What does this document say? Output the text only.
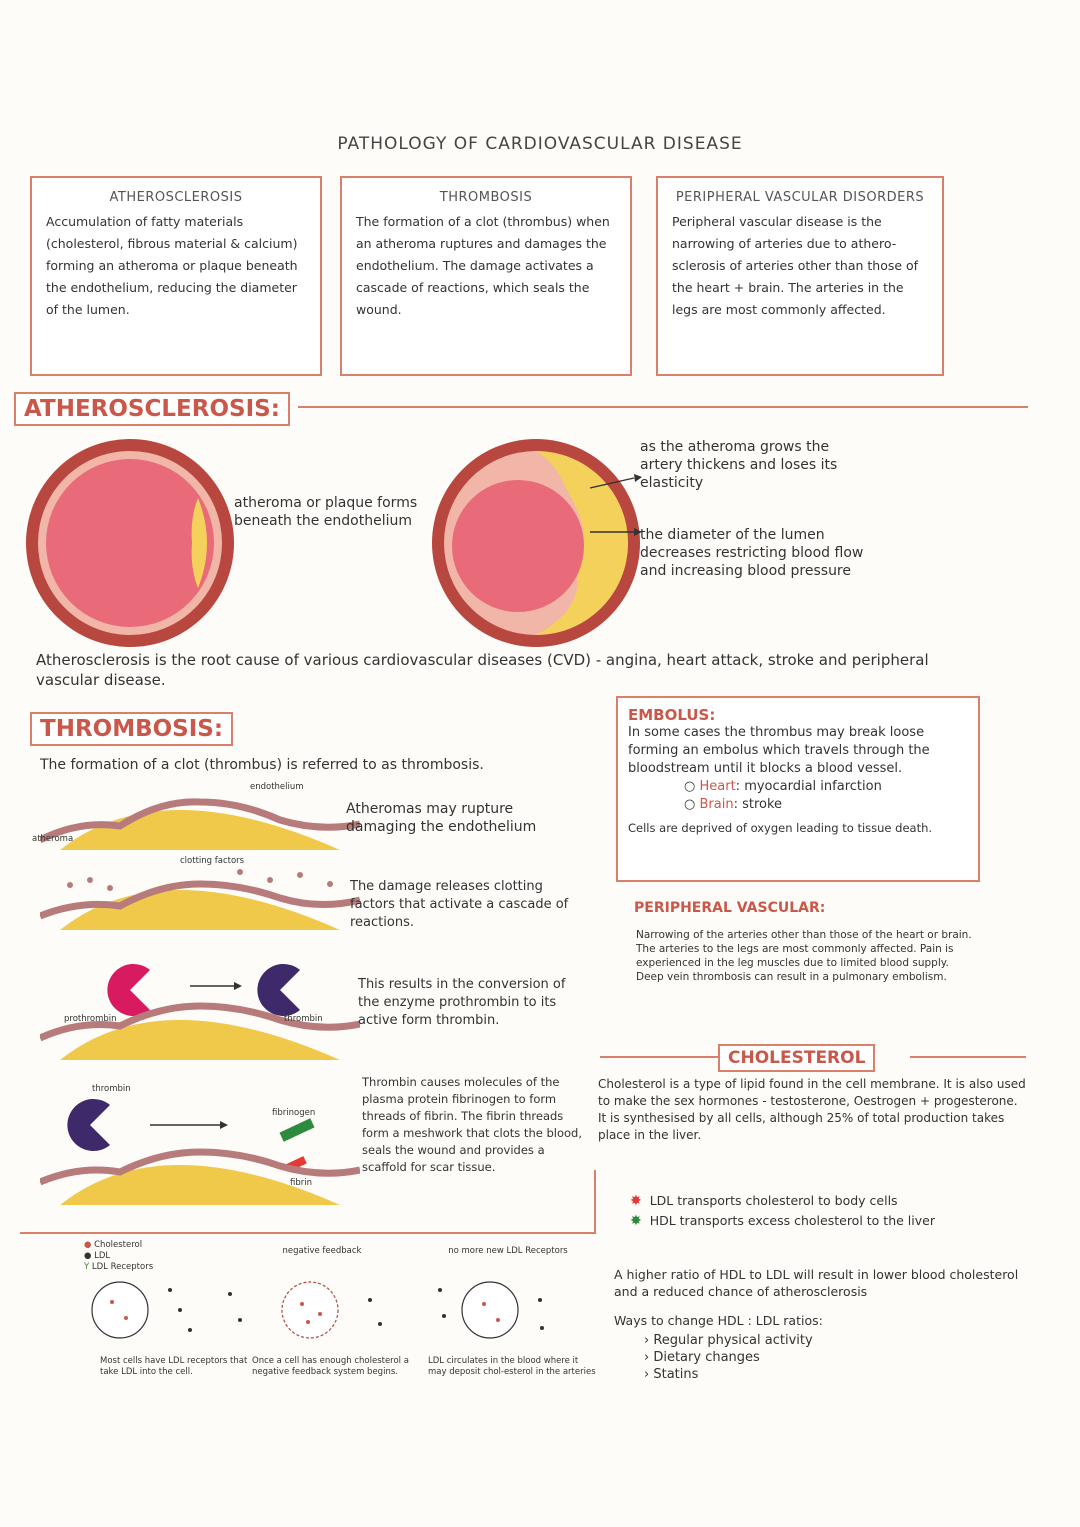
PATHOLOGY OF CARDIOVASCULAR DISEASE
ATHEROSCLEROSIS

Accumulation of fatty materials (cholesterol, fibrous material & calcium) forming an atheroma or plaque beneath the endothelium, reducing the diameter of the lumen.

THROMBOSIS

The formation of a clot (thrombus) when an atheroma ruptures and damages the endothelium. The damage activates a cascade of reactions, which seals the wound.

PERIPHERAL VASCULAR DISORDERS

Peripheral vascular disease is the narrowing of arteries due to athero-sclerosis of arteries other than those of the heart + brain. The arteries in the legs are most commonly affected.

ATHEROSCLEROSIS:
atheroma or plaque forms beneath the endothelium
as the atheroma grows the artery thickens and loses its elasticity
the diameter of the lumen decreases restricting blood flow and increasing blood pressure
Atherosclerosis is the root cause of various cardiovascular diseases (CVD) - angina, heart attack, stroke and peripheral vascular disease.
THROMBOSIS:
The formation of a clot (thrombus) is referred to as thrombosis.
endothelium
atheroma
clotting factors
prothrombin	thrombin
thrombin
fibrinogen
fibrin
Atheromas may rupture damaging the endothelium
The damage releases clotting factors that activate a cascade of reactions.
This results in the conversion of the enzyme prothrombin to its active form thrombin.
Thrombin causes molecules of the plasma protein fibrinogen to form threads of fibrin. The fibrin threads form a meshwork that clots the blood, seals the wound and provides a scaffold for scar tissue.
● Cholesterol
● LDL
Y LDL Receptors
Most cells have LDL receptors that take LDL into the cell.
negative feedback
Once a cell has enough cholesterol a negative feedback system begins.
no more new LDL Receptors
LDL circulates in the blood where it may deposit chol-esterol in the arteries
EMBOLUS:
In some cases the thrombus may break loose forming an embolus which travels through the bloodstream until it blocks a blood vessel.
○ Heart: myocardial infarction
○ Brain: stroke
Cells are deprived of oxygen leading to tissue death.
PERIPHERAL VASCULAR:
Narrowing of the arteries other than those of the heart or brain. The arteries to the legs are most commonly affected. Pain is experienced in the leg muscles due to limited blood supply. Deep vein thrombosis can result in a pulmonary embolism.
CHOLESTEROL
Cholesterol is a type of lipid found in the cell membrane. It is also used to make the sex hormones - testosterone, Oestrogen + progesterone. It is synthesised by all cells, although 25% of total production takes place in the liver.
✸ LDL transports cholesterol to body cells
✸ HDL transports excess cholesterol to the liver
A higher ratio of HDL to LDL will result in lower blood cholesterol and a reduced chance of atherosclerosis
Ways to change HDL : LDL ratios:
› Regular physical activity
› Dietary changes
› Statins
